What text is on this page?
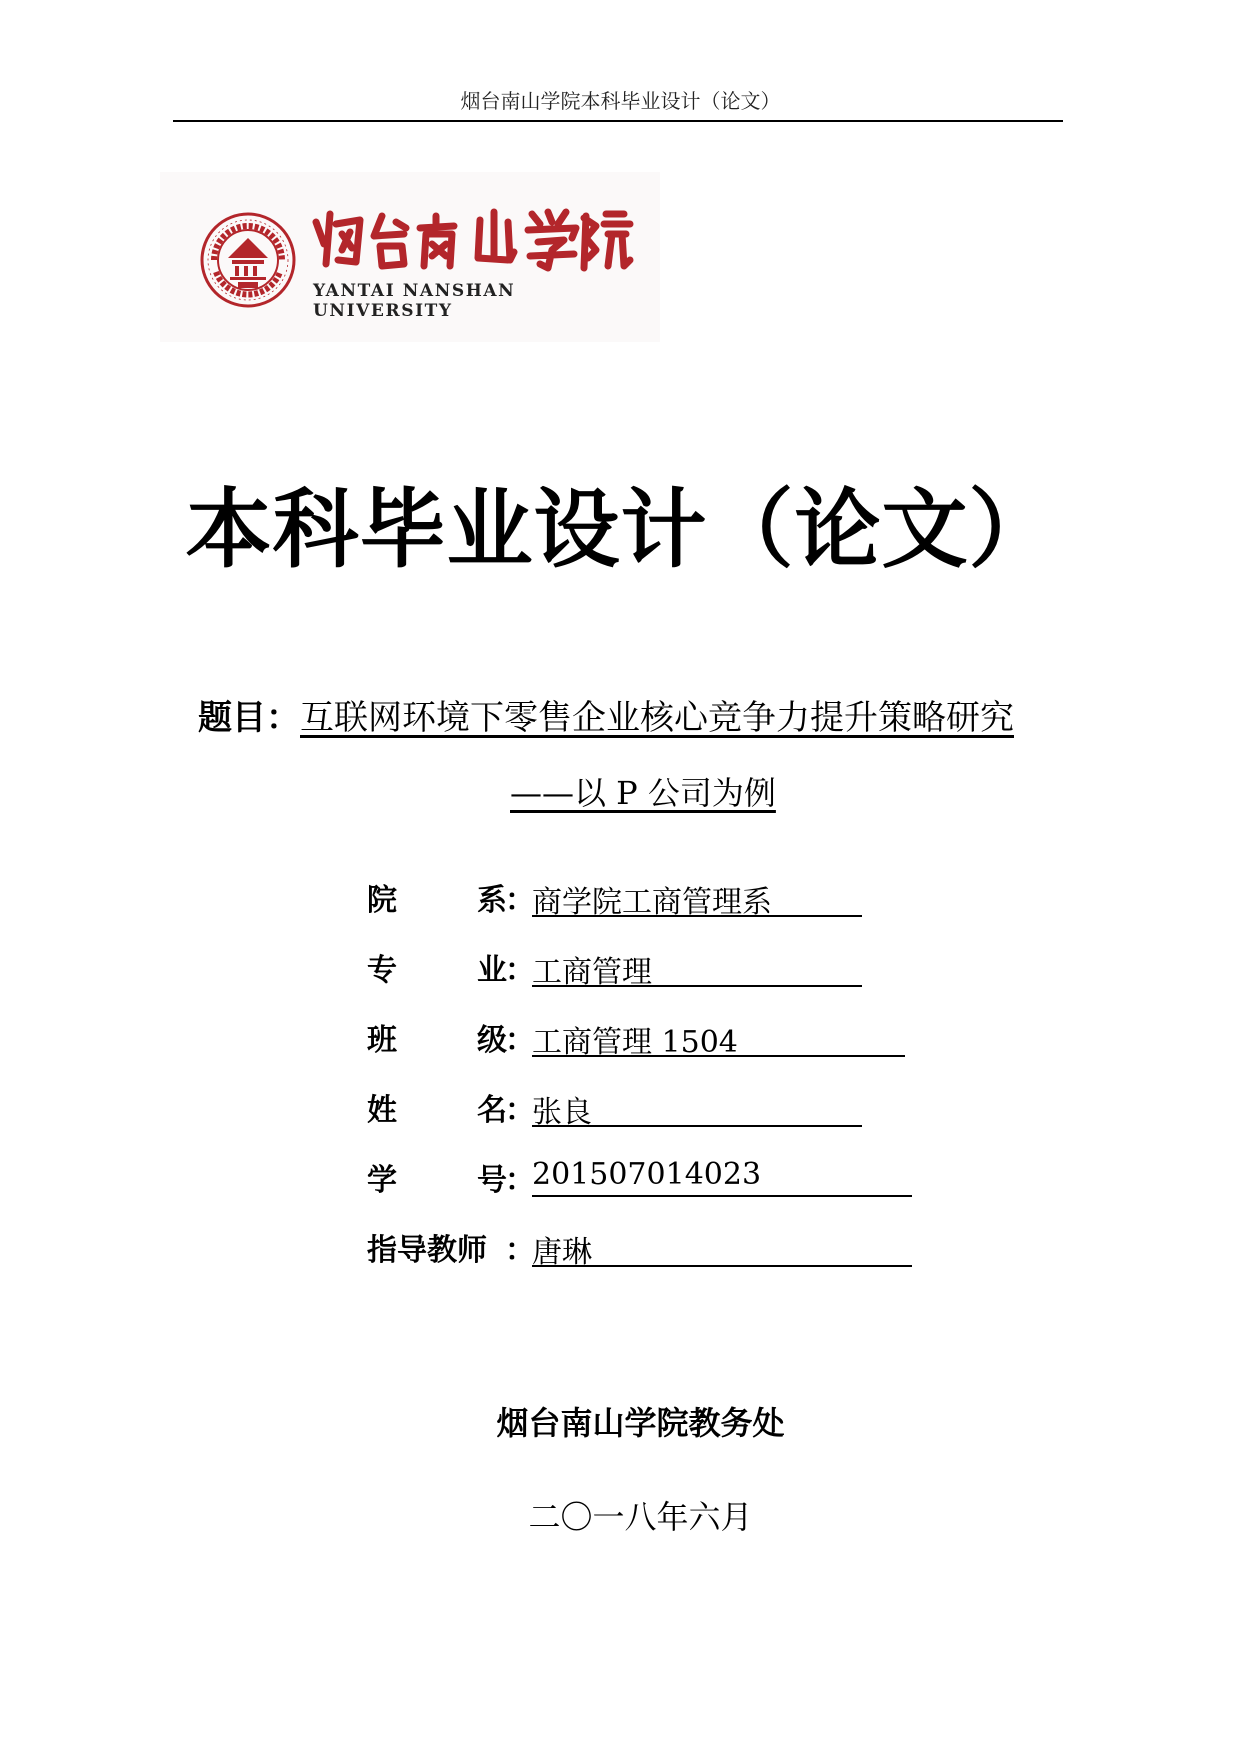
烟台南山学院本科毕业设计（论文）
YANTAI NANSHAN UNIVERSITY
本科毕业设计（论文）
题目：互联网环境下零售企业核心竞争力提升策略研究
——以 P 公司为例
院	系
：
商学院工商管理系
专	业
：
工商管理
班	级
：
工商管理 1504
姓	名
：
张良
学	号
：
201507014023
指 导 教 师 ：
唐琳
烟台南山学院教务处
二〇一八年六月
